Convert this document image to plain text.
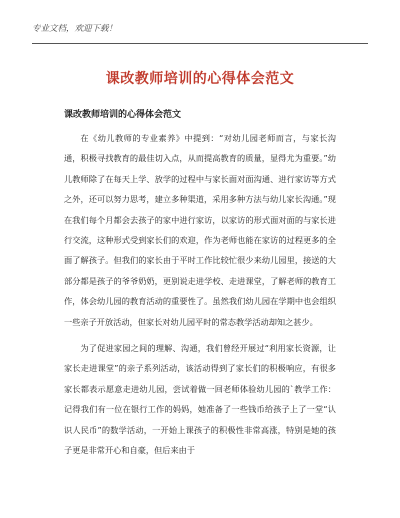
专业文档，欢迎下载！
课改教师培训的心得体会范文
课改教师培训的心得体会范文

在《幼儿教师的专业素养》中提到：“对幼儿园老师而言，与家长沟通，积极寻找教育的最佳切入点，从而提高教育的质量，显得尤为重要。”幼儿教师除了在每天上学、放学的过程中与家长面对面沟通、进行家访等方式之外，还可以努力思考，建立多种渠道，采用多种方法与幼儿家长沟通。”现在我们每个月都会去孩子的家中进行家访，以家访的形式面对面的与家长进行交流，这种形式受到家长们的欢迎，作为老师也能在家访的过程更多的全面了解孩子。但我们的家长由于平时工作比较忙很少来幼儿园里，接送的大部分都是孩子的爷爷奶奶，更别说走进学校、走进课堂，了解老师的教育工作，体会幼儿园的教育活动的重要性了。虽然我们幼儿园在学期中也会组织一些亲子开放活动，但家长对幼儿园平时的常态教学活动却知之甚少。

为了促进家园之间的理解、沟通，我们曾经开展过“利用家长资源，让家长走进课堂”的亲子系列活动，该活动得到了家长们的积极响应，有很多家长都表示愿意走进幼儿园，尝试着做一回老师体验幼儿园的`教学工作：记得我们有一位在银行工作的妈妈，她准备了一些钱币给孩子上了一堂“认识人民币”的数学活动，一开始上课孩子的积极性非常高涨，特别是她的孩子更是非常开心和自豪，但后来由于
